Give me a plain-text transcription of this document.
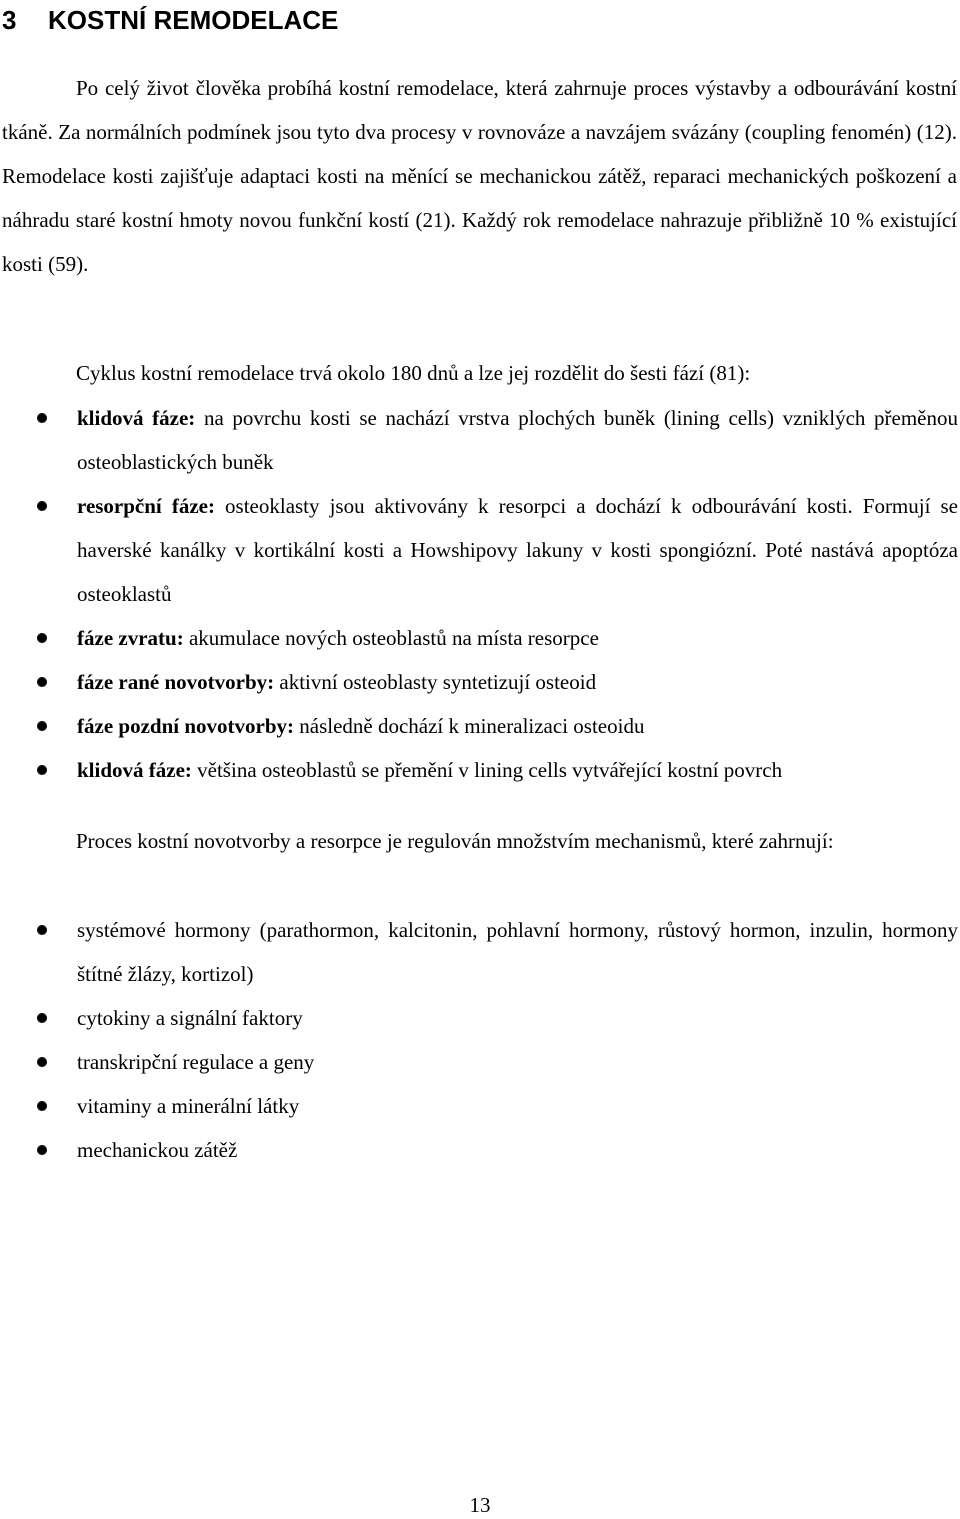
3 KOSTNÍ REMODELACE

Po celý život člověka probíhá kostní remodelace, která zahrnuje proces výstavby a odbourávání kostní tkáně. Za normálních podmínek jsou tyto dva procesy v rovnováze a navzájem svázány (coupling fenomén) (12). Remodelace kosti zajišťuje adaptaci kosti na měnící se mechanickou zátěž, reparaci mechanických poškození a náhradu staré kostní hmoty novou funkční kostí (21). Každý rok remodelace nahrazuje přibližně 10 % existující kosti (59).

Cyklus kostní remodelace trvá okolo 180 dnů a lze jej rozdělit do šesti fází (81):

klidová fáze: na povrchu kosti se nachází vrstva plochých buněk (lining cells) vzniklých přeměnou osteoblastických buněk
resorpční fáze: osteoklasty jsou aktivovány k resorpci a dochází k odbourávání kosti. Formují se haverské kanálky v kortikální kosti a Howshipovy lakuny v kosti spongiózní. Poté nastává apoptóza osteoklastů
fáze zvratu: akumulace nových osteoblastů na místa resorpce
fáze rané novotvorby: aktivní osteoblasty syntetizují osteoid
fáze pozdní novotvorby: následně dochází k mineralizaci osteoidu
klidová fáze: většina osteoblastů se přemění v lining cells vytvářející kostní povrch

Proces kostní novotvorby a resorpce je regulován množstvím mechanismů, které zahrnují:

systémové hormony (parathormon, kalcitonin, pohlavní hormony, růstový hormon, inzulin, hormony štítné žlázy, kortizol)
cytokiny a signální faktory
transkripční regulace a geny
vitaminy a minerální látky
mechanickou zátěž
13
